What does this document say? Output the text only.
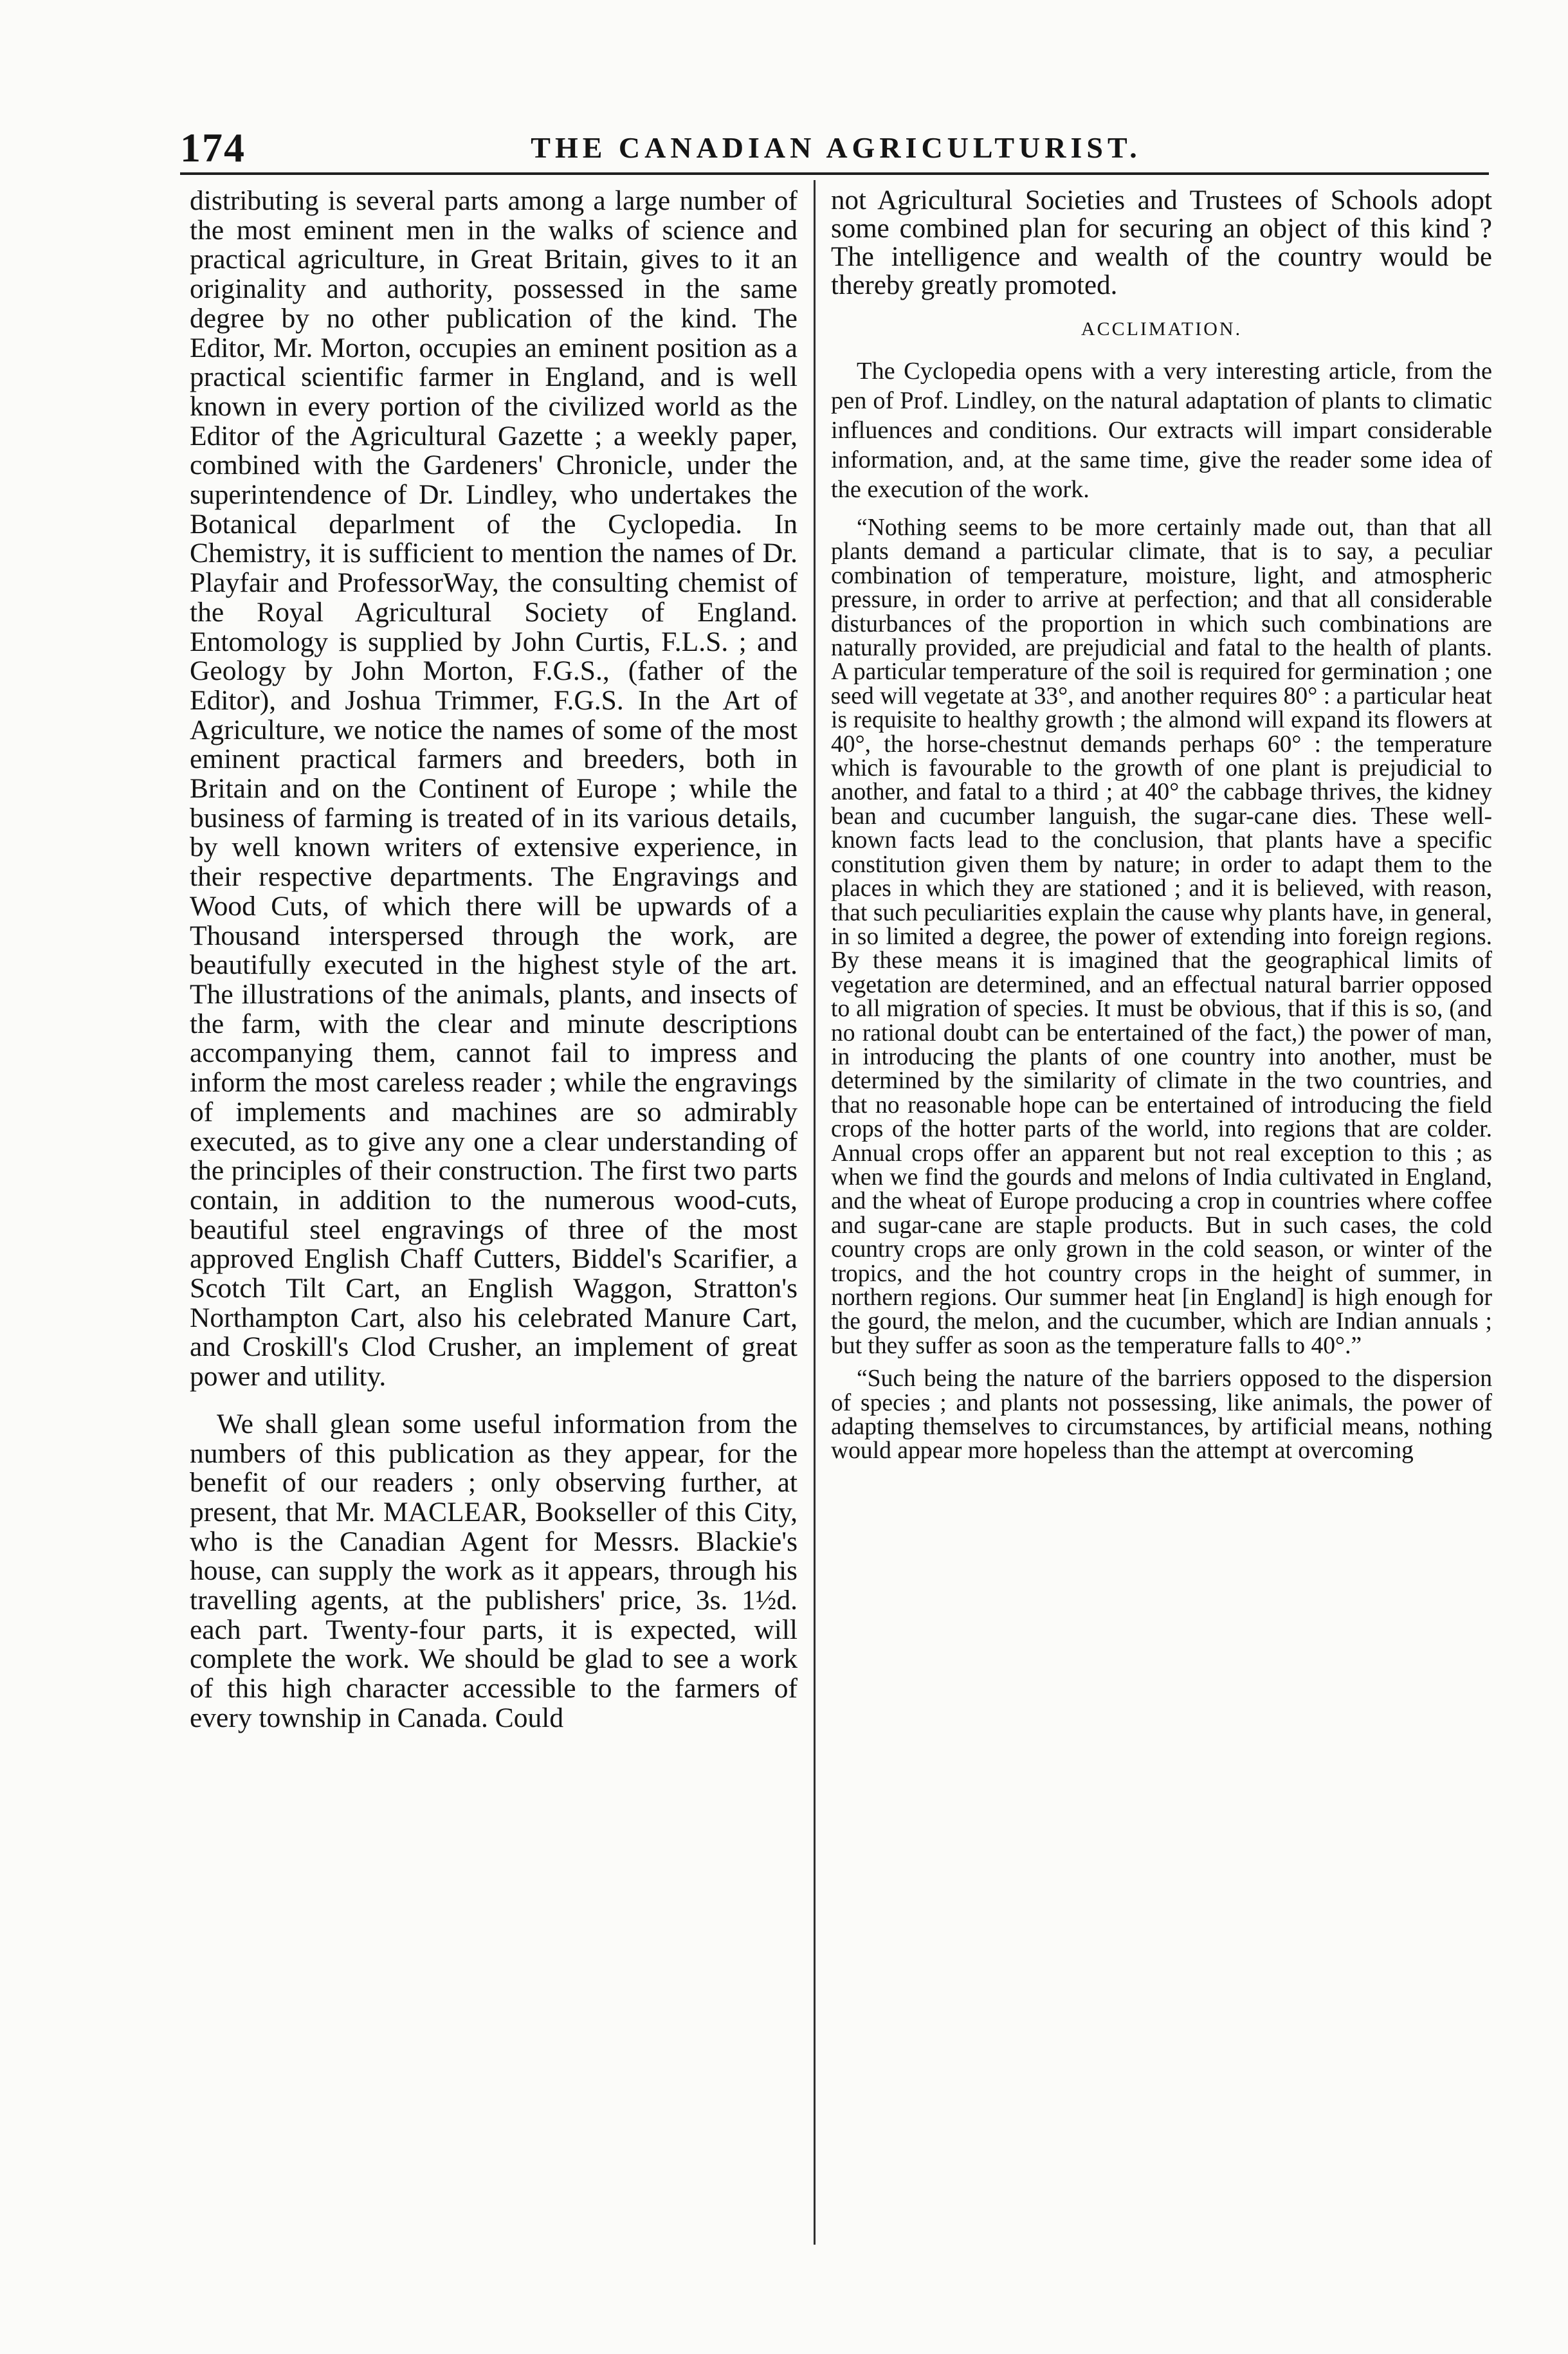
174	THE CANADIAN AGRICULTURIST.

distributing is several parts among a large number of the most eminent men in the walks of science and practical agriculture, in Great Britain, gives to it an originality and authority, possessed in the same degree by no other publication of the kind. The Editor, Mr. Morton, occupies an eminent position as a practical scientific farmer in England, and is well known in every portion of the civilized world as the Editor of the Agricultural Gazette ; a weekly paper, combined with the Gardeners' Chronicle, under the superintendence of Dr. Lindley, who undertakes the Botanical deparlment of the Cyclopedia. In Chemistry, it is sufficient to mention the names of Dr. Playfair and ProfessorWay, the consulting chemist of the Royal Agricultural Society of England. Entomology is supplied by John Curtis, F.L.S. ; and Geology by John Morton, F.G.S., (father of the Editor), and Joshua Trimmer, F.G.S. In the Art of Agriculture, we notice the names of some of the most eminent practical farmers and breeders, both in Britain and on the Continent of Europe ; while the business of farming is treated of in its various details, by well known writers of extensive experience, in their respective departments. The Engravings and Wood Cuts, of which there will be upwards of a Thousand interspersed through the work, are beautifully executed in the highest style of the art. The illustrations of the animals, plants, and insects of the farm, with the clear and minute descriptions accompanying them, cannot fail to impress and inform the most careless reader ; while the engravings of implements and machines are so admirably executed, as to give any one a clear understanding of the principles of their construction. The first two parts contain, in addition to the numerous wood-cuts, beautiful steel engravings of three of the most approved English Chaff Cutters, Biddel's Scarifier, a Scotch Tilt Cart, an English Waggon, Stratton's Northampton Cart, also his celebrated Manure Cart, and Croskill's Clod Crusher, an implement of great power and utility.

We shall glean some useful information from the numbers of this publication as they appear, for the benefit of our readers ; only observing further, at present, that Mr. MACLEAR, Bookseller of this City, who is the Canadian Agent for Messrs. Blackie's house, can supply the work as it appears, through his travelling agents, at the publishers' price, 3s. 1½d. each part. Twenty-four parts, it is expected, will complete the work. We should be glad to see a work of this high character accessible to the farmers of every township in Canada. Could

not Agricultural Societies and Trustees of Schools adopt some combined plan for securing an object of this kind ? The intelligence and wealth of the country would be thereby greatly promoted.

ACCLIMATION.

The Cyclopedia opens with a very interesting article, from the pen of Prof. Lindley, on the natural adaptation of plants to climatic influences and conditions. Our extracts will impart considerable information, and, at the same time, give the reader some idea of the execution of the work.

“Nothing seems to be more certainly made out, than that all plants demand a particular climate, that is to say, a peculiar combination of temperature, moisture, light, and atmospheric pressure, in order to arrive at perfection; and that all considerable disturbances of the proportion in which such combinations are naturally provided, are prejudicial and fatal to the health of plants. A particular temperature of the soil is required for germination ; one seed will vegetate at 33°, and another requires 80° : a particular heat is requisite to healthy growth ; the almond will expand its flowers at 40°, the horse-chestnut demands perhaps 60° : the temperature which is favourable to the growth of one plant is prejudicial to another, and fatal to a third ; at 40° the cabbage thrives, the kidney bean and cucumber languish, the sugar-cane dies. These well-known facts lead to the conclusion, that plants have a specific constitution given them by nature; in order to adapt them to the places in which they are stationed ; and it is believed, with reason, that such peculiarities explain the cause why plants have, in general, in so limited a degree, the power of extending into foreign regions. By these means it is imagined that the geographical limits of vegetation are determined, and an effectual natural barrier opposed to all migration of species. It must be obvious, that if this is so, (and no rational doubt can be entertained of the fact,) the power of man, in introducing the plants of one country into another, must be determined by the similarity of climate in the two countries, and that no reasonable hope can be entertained of introducing the field crops of the hotter parts of the world, into regions that are colder. Annual crops offer an apparent but not real exception to this ; as when we find the gourds and melons of India cultivated in England, and the wheat of Europe producing a crop in countries where coffee and sugar-cane are staple products. But in such cases, the cold country crops are only grown in the cold season, or winter of the tropics, and the hot country crops in the height of summer, in northern regions. Our summer heat [in England] is high enough for the gourd, the melon, and the cucumber, which are Indian annuals ; but they suffer as soon as the temperature falls to 40°.”

“Such being the nature of the barriers opposed to the dispersion of species ; and plants not possessing, like animals, the power of adapting themselves to circumstances, by artificial means, nothing would appear more hopeless than the attempt at overcoming
